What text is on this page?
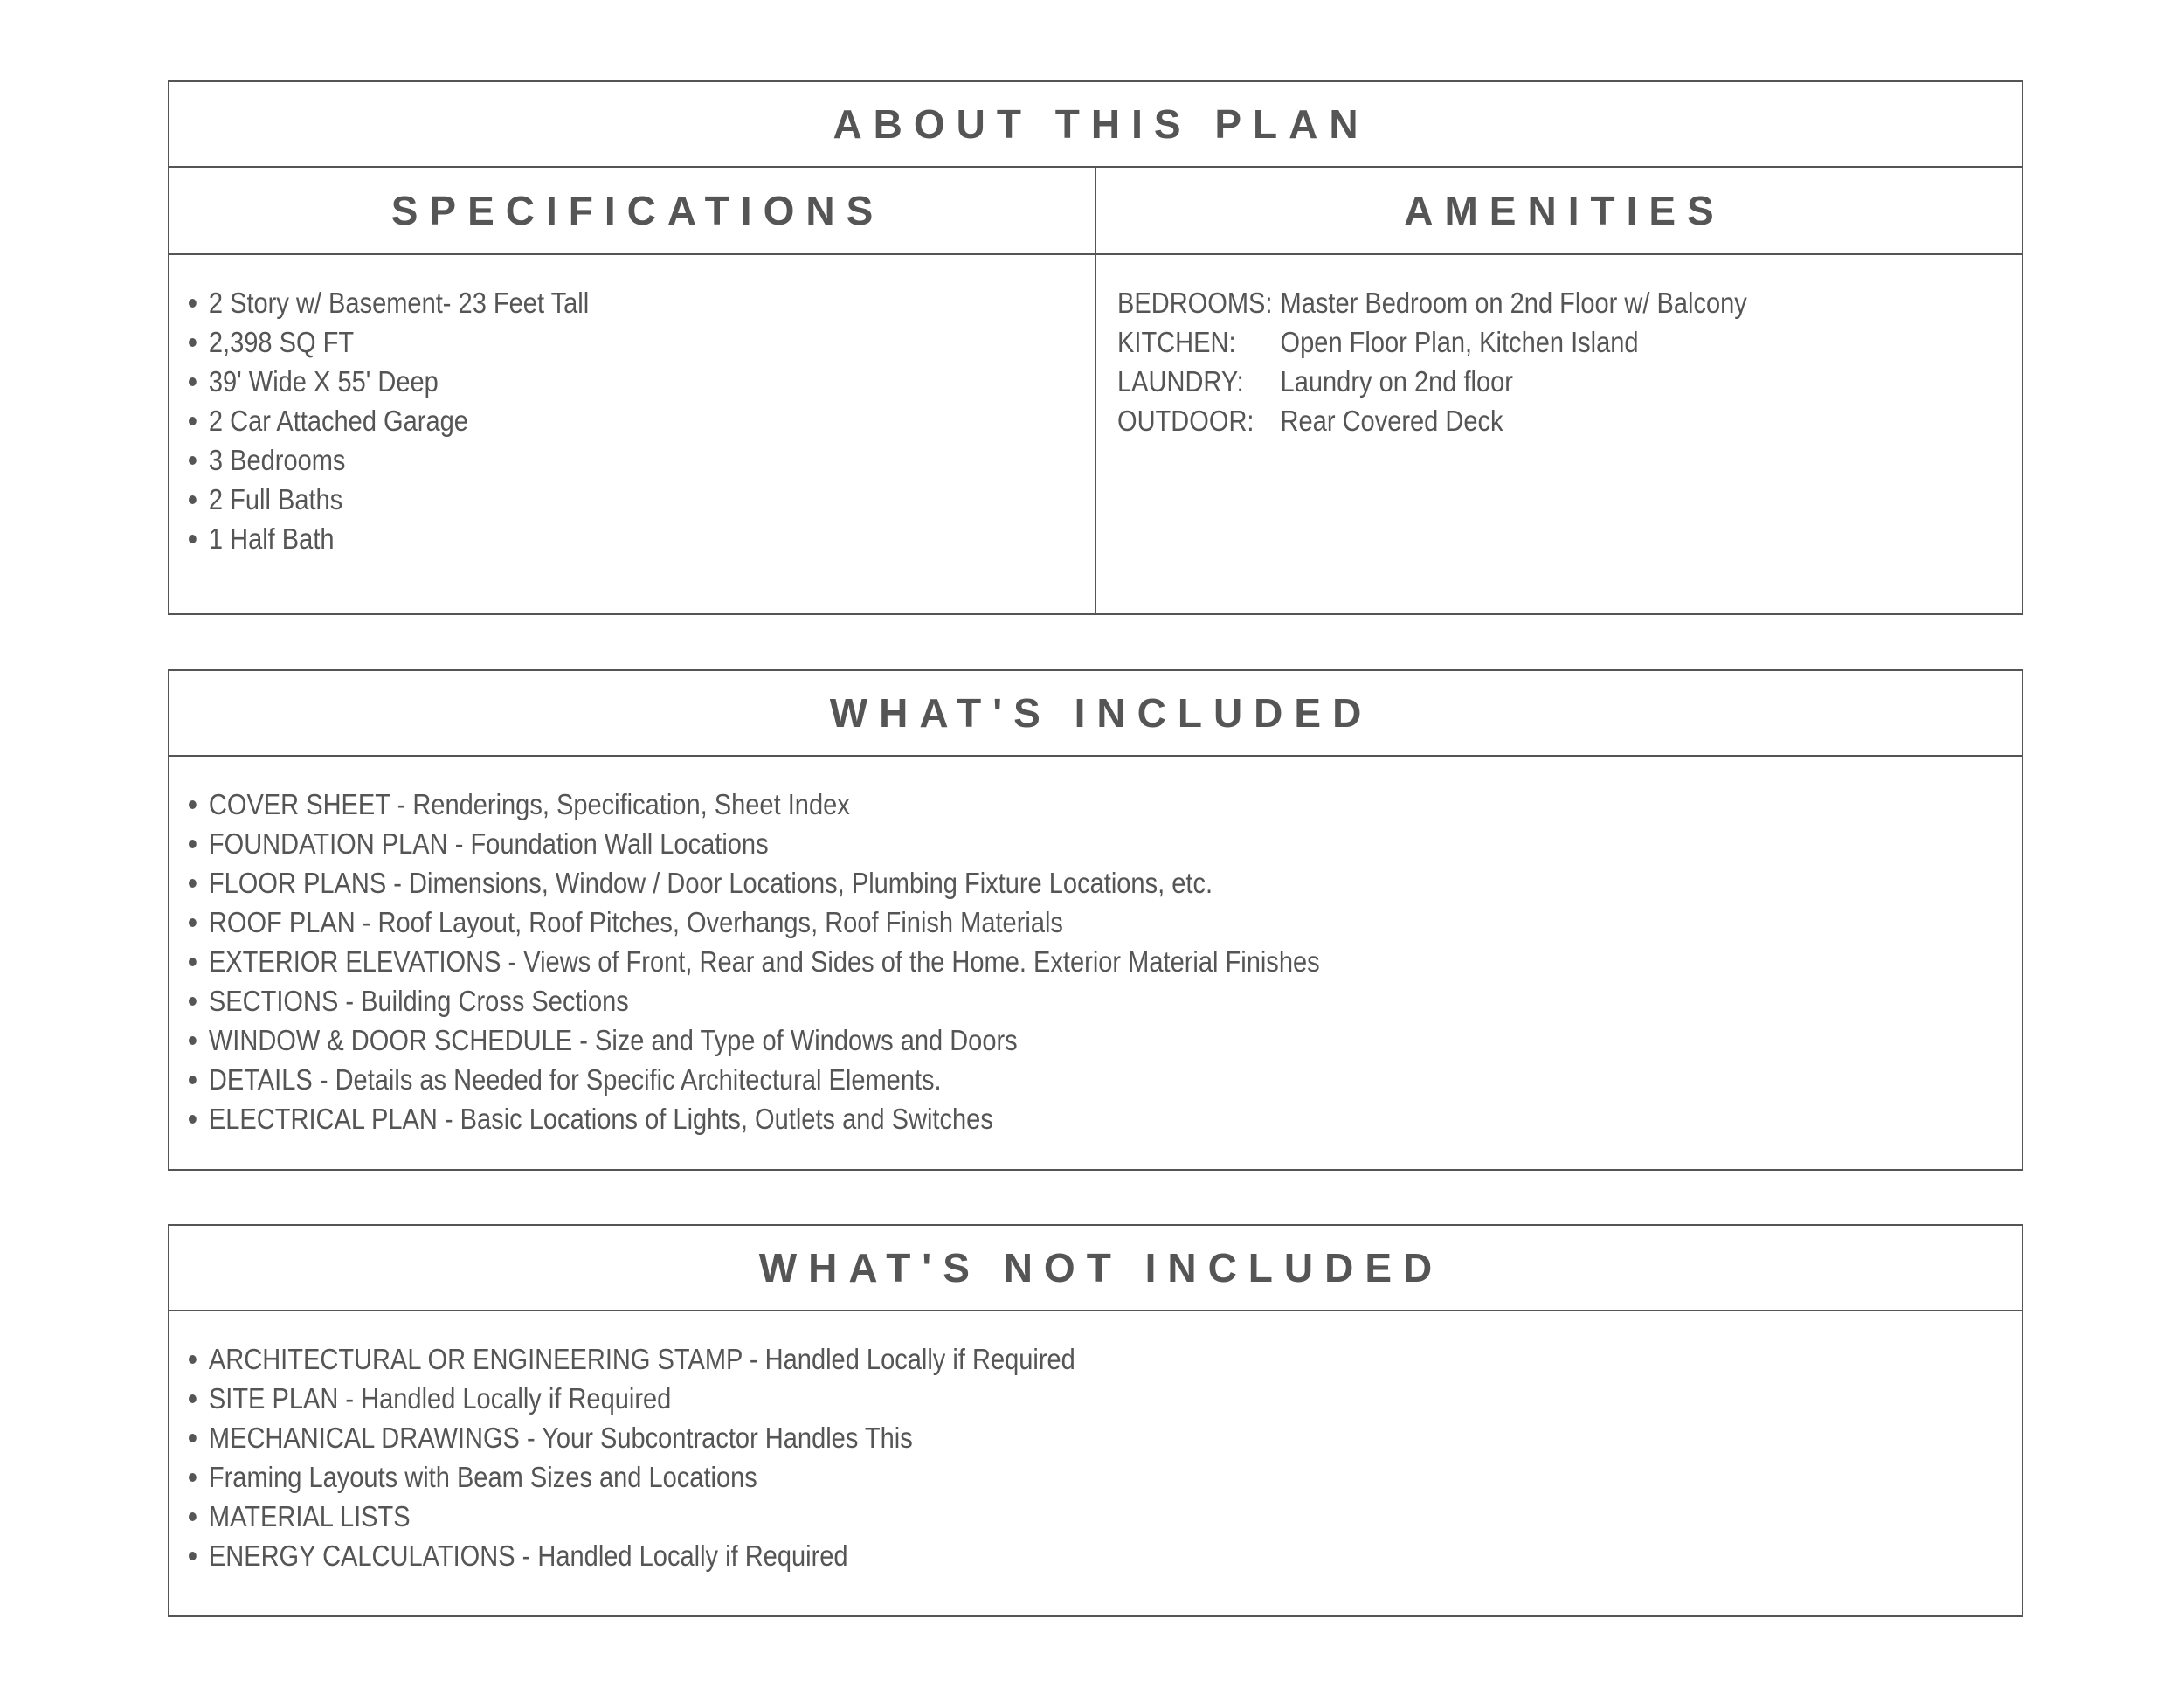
ABOUT THIS PLAN
SPECIFICATIONS
2 Story w/ Basement- 23 Feet Tall
2,398 SQ FT
39' Wide X 55' Deep
2 Car Attached Garage
3 Bedrooms
2 Full Baths
1 Half Bath
AMENITIES
BEDROOMS: Master Bedroom on 2nd Floor w/ Balcony
KITCHEN:	Open Floor Plan, Kitchen Island
LAUNDRY:	Laundry on 2nd floor
OUTDOOR: Rear Covered Deck
WHAT'S INCLUDED
COVER SHEET - Renderings, Specification, Sheet Index
FOUNDATION PLAN - Foundation Wall Locations
FLOOR PLANS - Dimensions, Window / Door Locations, Plumbing Fixture Locations, etc.
ROOF PLAN - Roof Layout, Roof Pitches, Overhangs, Roof Finish Materials
EXTERIOR ELEVATIONS - Views of Front, Rear and Sides of the Home. Exterior Material Finishes
SECTIONS - Building Cross Sections
WINDOW & DOOR SCHEDULE - Size and Type of Windows and Doors
DETAILS - Details as Needed for Specific Architectural Elements.
ELECTRICAL PLAN - Basic Locations of Lights, Outlets and Switches
WHAT'S NOT INCLUDED
ARCHITECTURAL OR ENGINEERING STAMP - Handled Locally if Required
SITE PLAN - Handled Locally if Required
MECHANICAL DRAWINGS - Your Subcontractor Handles This
Framing Layouts with Beam Sizes and Locations
MATERIAL LISTS
ENERGY CALCULATIONS - Handled Locally if Required
